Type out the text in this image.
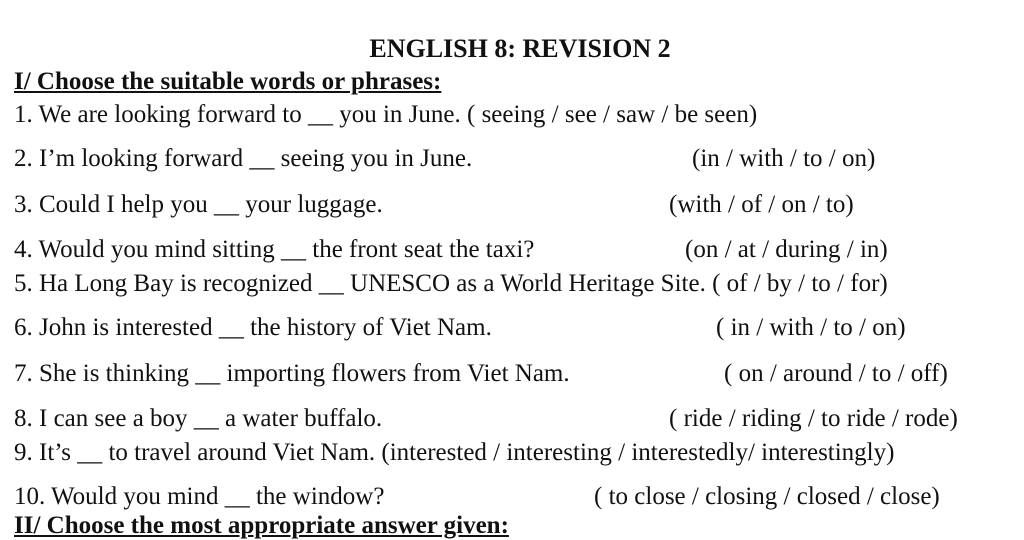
ENGLISH 8: REVISION 2
I/ Choose the suitable words or phrases:
1. We are looking forward to __ you in June. ( seeing / see / saw / be seen)
2. I’m looking forward __ seeing you in June.	(in / with / to / on)
3. Could I help you __ your luggage.	(with / of / on / to)
4. Would you mind sitting __ the front seat the taxi?	(on / at / during / in)
5. Ha Long Bay is recognized __ UNESCO as a World Heritage Site. ( of / by / to / for)
6. John is interested __ the history of Viet Nam.	( in / with / to / on)
7. She is thinking __ importing flowers from Viet Nam.	( on / around / to / off)
8. I can see a boy __ a water buffalo.	( ride / riding / to ride / rode)
9. It’s __ to travel around Viet Nam. (interested / interesting / interestedly/ interestingly)
10. Would you mind __ the window?	( to close / closing / closed / close)
II/ Choose the most appropriate answer given:
